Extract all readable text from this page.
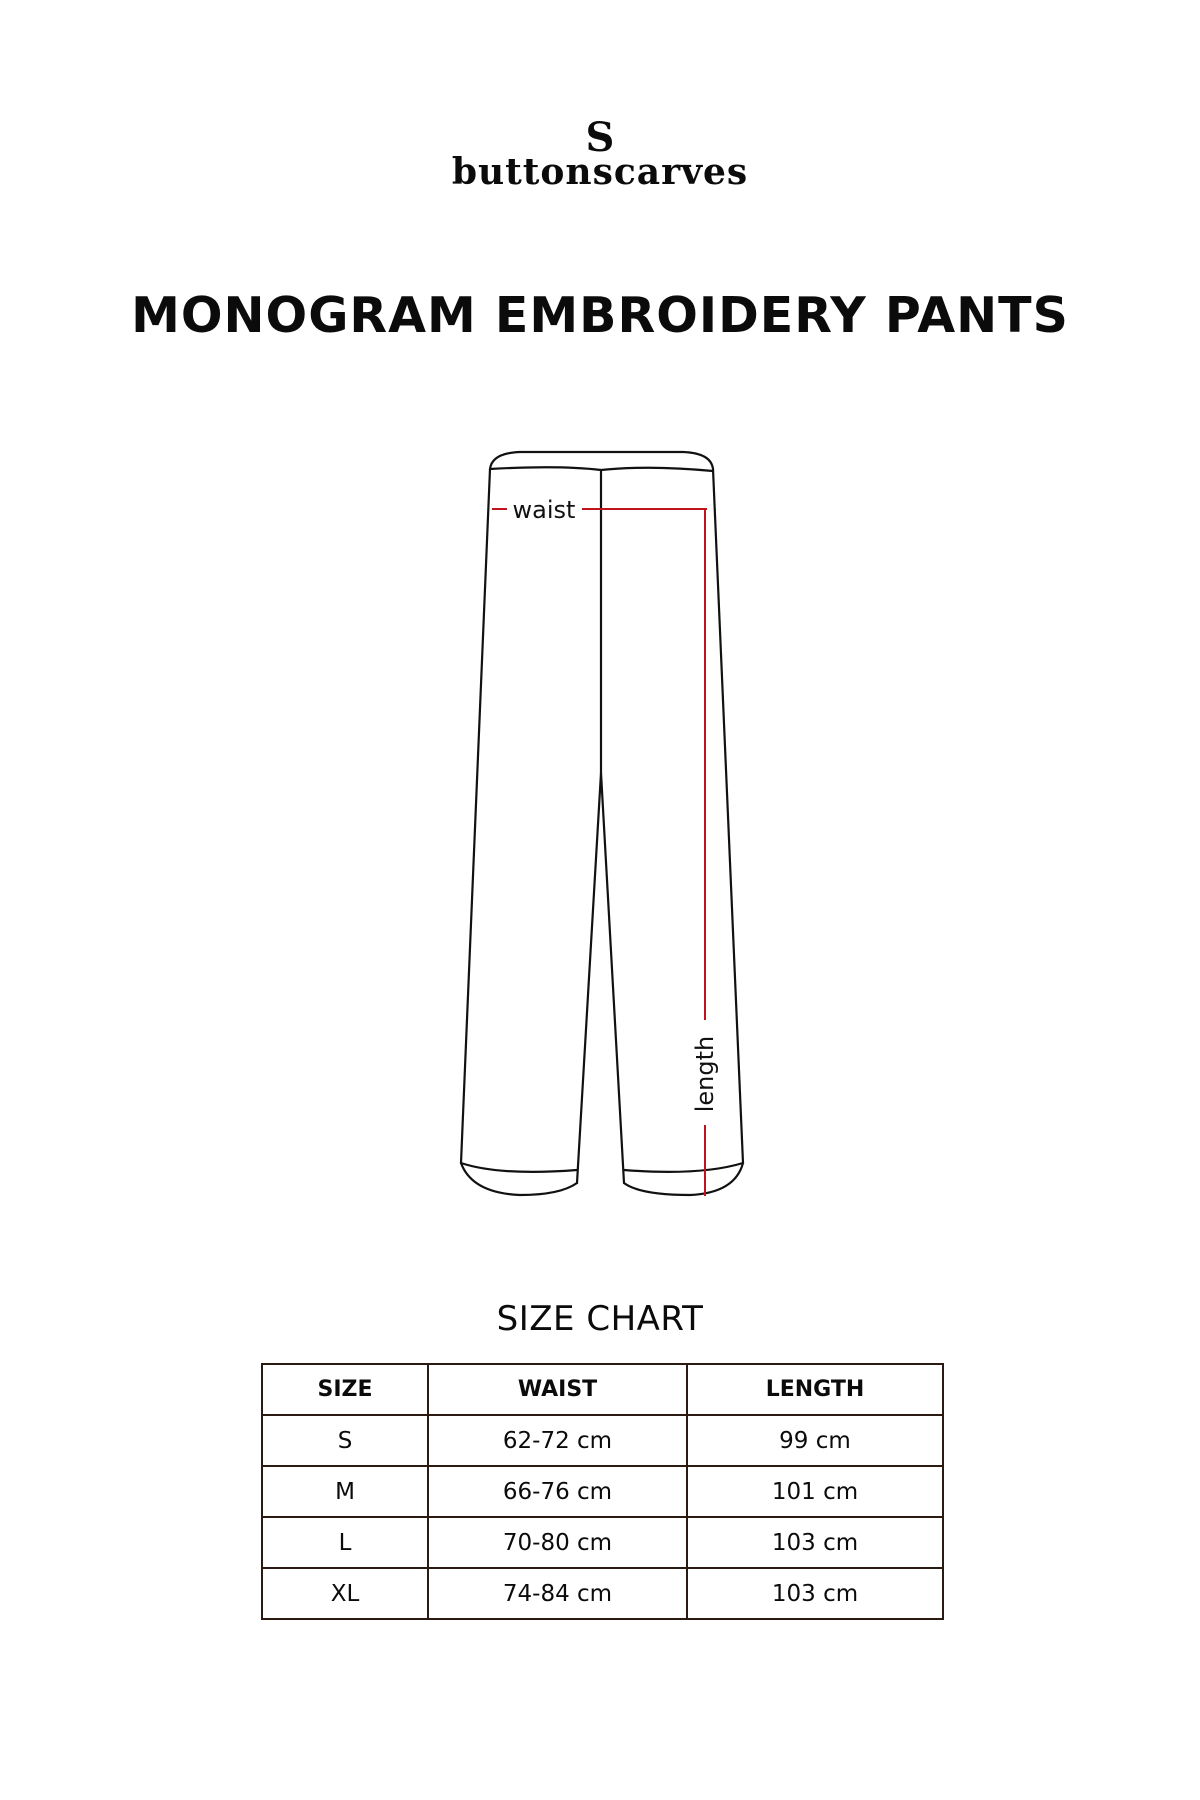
S
buttonscarves
MONOGRAM EMBROIDERY PANTS
waist
length
SIZE CHART
SIZE	WAIST	LENGTH
S	62-72 cm	99 cm
M	66-76 cm	101 cm
L	70-80 cm	103 cm
XL	74-84 cm	103 cm
